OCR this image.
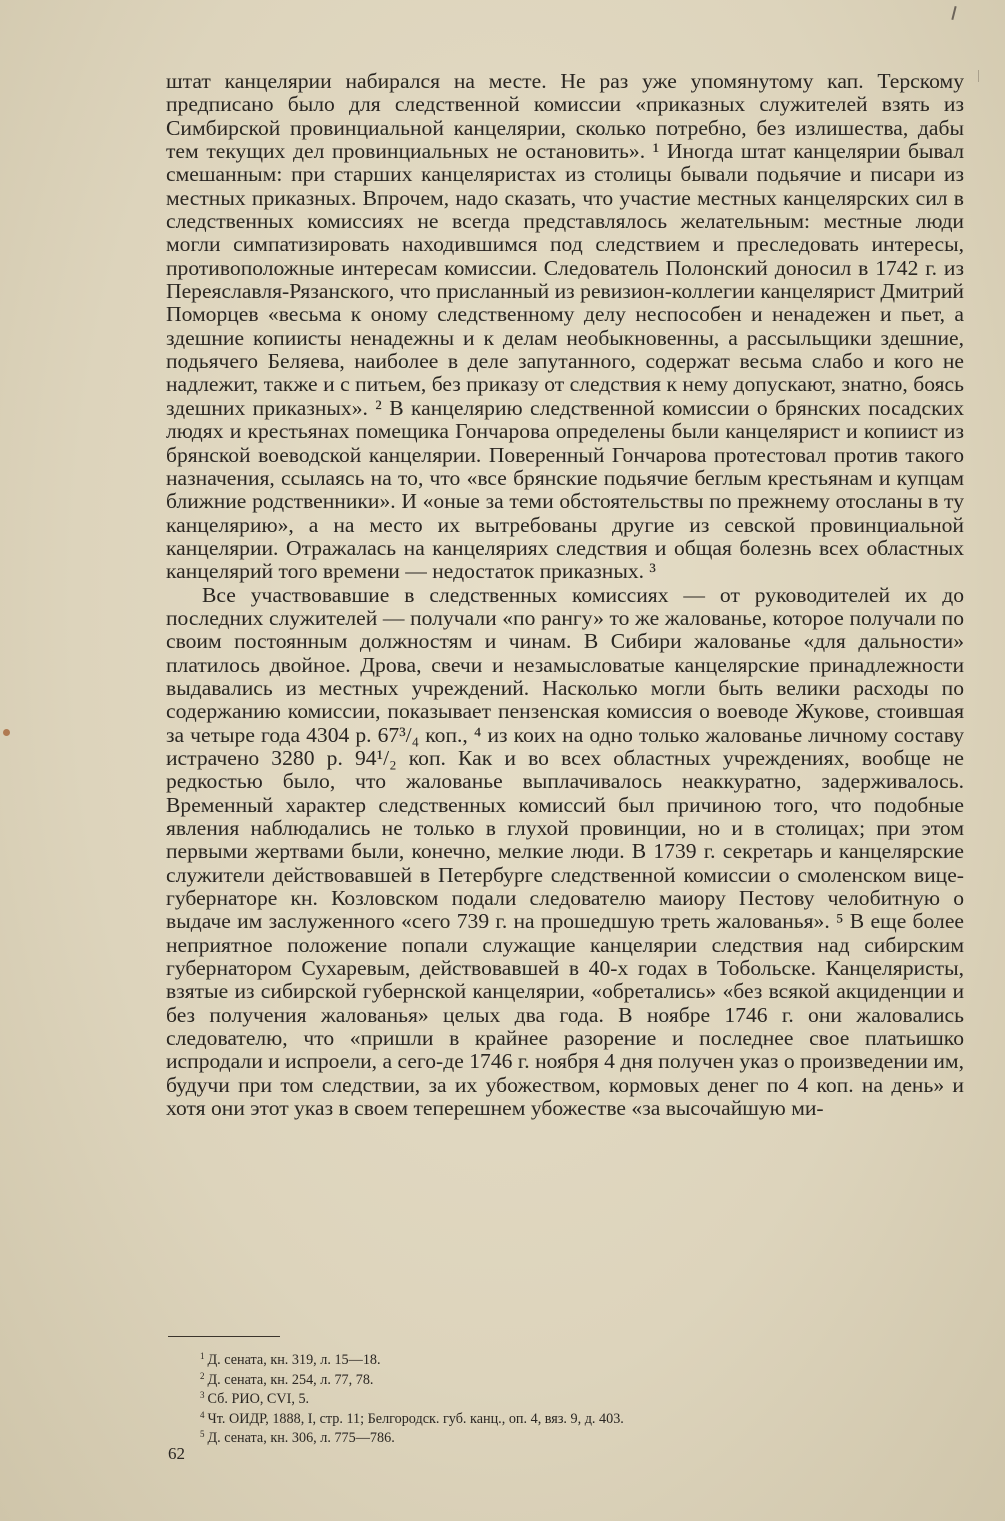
штат канцелярии набирался на месте. Не раз уже упомянутому кап. Терскому предписано было для следственной комиссии «приказных служителей взять из Симбирской провинциальной канцелярии, сколько потребно, без излишества, дабы тем текущих дел провинциальных не остановить». ¹ Иногда штат канцелярии бывал смешанным: при старших канцеляристах из столицы бывали подьячие и писари из местных приказных. Впрочем, надо сказать, что участие местных канцелярских сил в следственных комиссиях не всегда представлялось желательным: местные люди могли симпатизировать находившимся под следствием и преследовать интересы, противоположные интересам комиссии. Следователь Полонский доносил в 1742 г. из Переяславля-Рязанского, что присланный из ревизион-коллегии канцелярист Дмитрий Поморцев «весьма к оному следственному делу неспособен и ненадежен и пьет, а здешние копиисты ненадежны и к делам необыкновенны, а рассыльщики здешние, подьячего Беляева, наиболее в деле запутанного, содержат весьма слабо и кого не надлежит, также и с питьем, без приказу от следствия к нему допускают, знатно, боясь здешних приказных». ² В канцелярию следственной комиссии о брянских посадских людях и крестьянах помещика Гончарова определены были канцелярист и копиист из брянской воеводской канцелярии. Поверенный Гончарова протестовал против такого назначения, ссылаясь на то, что «все брянские подьячие беглым крестьянам и купцам ближние родственники». И «оные за теми обстоятельствы по прежнему отосланы в ту канцелярию», а на место их вытребованы другие из севской провинциальной канцелярии. Отражалась на канцеляриях следствия и общая болезнь всех областных канцелярий того времени — недостаток приказных. ³

Все участвовавшие в следственных комиссиях — от руководителей их до последних служителей — получали «по рангу» то же жалованье, которое получали по своим постоянным должностям и чинам. В Сибири жалованье «для дальности» платилось двойное. Дрова, свечи и незамысловатые канцелярские принадлежности выдавались из местных учреждений. Насколько могли быть велики расходы по содержанию комиссии, показывает пензенская комиссия о воеводе Жукове, стоившая за четыре года 4304 р. 67³/₄ коп., ⁴ из коих на одно только жалованье личному составу истрачено 3280 р. 94¹/₂ коп. Как и во всех областных учреждениях, вообще не редкостью было, что жалованье выплачивалось неаккуратно, задерживалось. Временный характер следственных комиссий был причиною того, что подобные явления наблюдались не только в глухой провинции, но и в столицах; при этом первыми жертвами были, конечно, мелкие люди. В 1739 г. секретарь и канцелярские служители действовавшей в Петербурге следственной комиссии о смоленском вице-губернаторе кн. Козловском подали следователю маиору Пестову челобитную о выдаче им заслуженного «сего 739 г. на прошедшую треть жалованья». ⁵ В еще более неприятное положение попали служащие канцелярии следствия над сибирским губернатором Сухаревым, действовавшей в 40-х годах в Тобольске. Канцеляристы, взятые из сибирской губернской канцелярии, «обретались» «без всякой акциденции и без получения жалованья» целых два года. В ноябре 1746 г. они жаловались следователю, что «пришли в крайнее разорение и последнее свое платьишко испродали и испроели, а сего-де 1746 г. ноября 4 дня получен указ о произведении им, будучи при том следствии, за их убожеством, кормовых денег по 4 коп. на день» и хотя они этот указ в своем теперешнем убожестве «за высочайшую ми-

$^1$ Д. сената, кн. 319, л. 15—18.
$^2$ Д. сената, кн. 254, л. 77, 78.
$^3$ Сб. РИО, CVI, 5.
$^4$ Чт. ОИДР, 1888, I, стр. 11; Белгородск. губ. канц., оп. 4, вяз. 9, д. 403.
$^5$ Д. сената, кн. 306, л. 775—786.
62
